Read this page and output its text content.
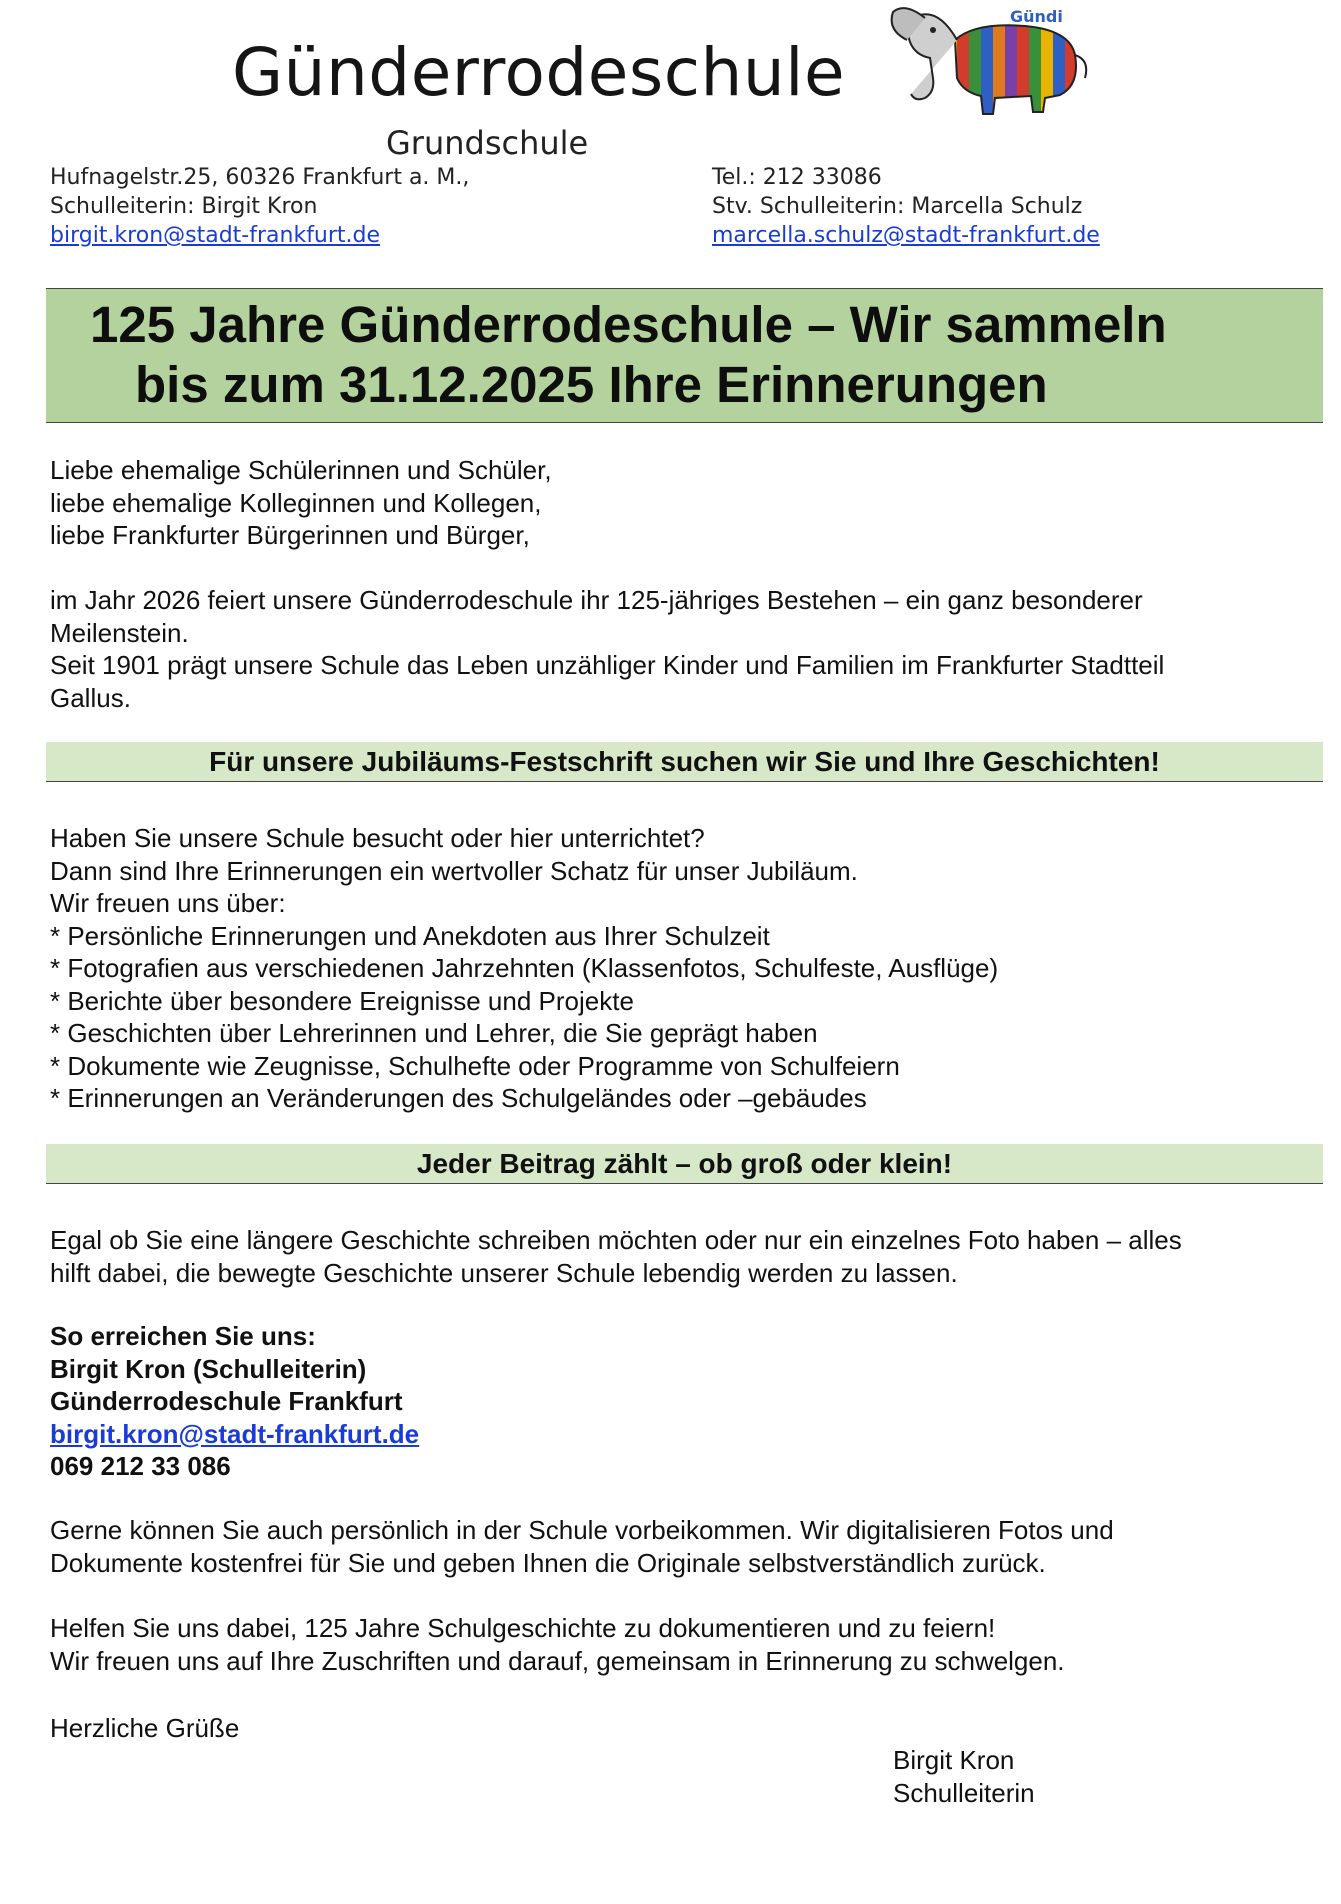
Günderrodeschule
Grundschule
Gündi
Hufnagelstr.25, 60326 Frankfurt a. M.,
Schulleiterin: Birgit Kron
birgit.kron@stadt-frankfurt.de
Tel.: 212 33086
Stv. Schulleiterin: Marcella Schulz
marcella.schulz@stadt-frankfurt.de
125 Jahre Günderrodeschule – Wir sammeln
bis zum 31.12.2025 Ihre Erinnerungen

Liebe ehemalige Schülerinnen und Schüler,

liebe ehemalige Kolleginnen und Kollegen,

liebe Frankfurter Bürgerinnen und Bürger,

im Jahr 2026 feiert unsere Günderrodeschule ihr 125-jähriges Bestehen – ein ganz besonderer

Meilenstein.

Seit 1901 prägt unsere Schule das Leben unzähliger Kinder und Familien im Frankfurter Stadtteil

Gallus.

Für unsere Jubiläums-Festschrift suchen wir Sie und Ihre Geschichten!

Haben Sie unsere Schule besucht oder hier unterrichtet?

Dann sind Ihre Erinnerungen ein wertvoller Schatz für unser Jubiläum.

Wir freuen uns über:

* Persönliche Erinnerungen und Anekdoten aus Ihrer Schulzeit

* Fotografien aus verschiedenen Jahrzehnten (Klassenfotos, Schulfeste, Ausflüge)

* Berichte über besondere Ereignisse und Projekte

* Geschichten über Lehrerinnen und Lehrer, die Sie geprägt haben

* Dokumente wie Zeugnisse, Schulhefte oder Programme von Schulfeiern

* Erinnerungen an Veränderungen des Schulgeländes oder –gebäudes

Jeder Beitrag zählt – ob groß oder klein!

Egal ob Sie eine längere Geschichte schreiben möchten oder nur ein einzelnes Foto haben – alles

hilft dabei, die bewegte Geschichte unserer Schule lebendig werden zu lassen.

So erreichen Sie uns:

Birgit Kron (Schulleiterin)

Günderrodeschule Frankfurt

birgit.kron@stadt-frankfurt.de

069 212 33 086

Gerne können Sie auch persönlich in der Schule vorbeikommen. Wir digitalisieren Fotos und

Dokumente kostenfrei für Sie und geben Ihnen die Originale selbstverständlich zurück.

Helfen Sie uns dabei, 125 Jahre Schulgeschichte zu dokumentieren und zu feiern!

Wir freuen uns auf Ihre Zuschriften und darauf, gemeinsam in Erinnerung zu schwelgen.

Herzliche Grüße

Birgit Kron

Schulleiterin
